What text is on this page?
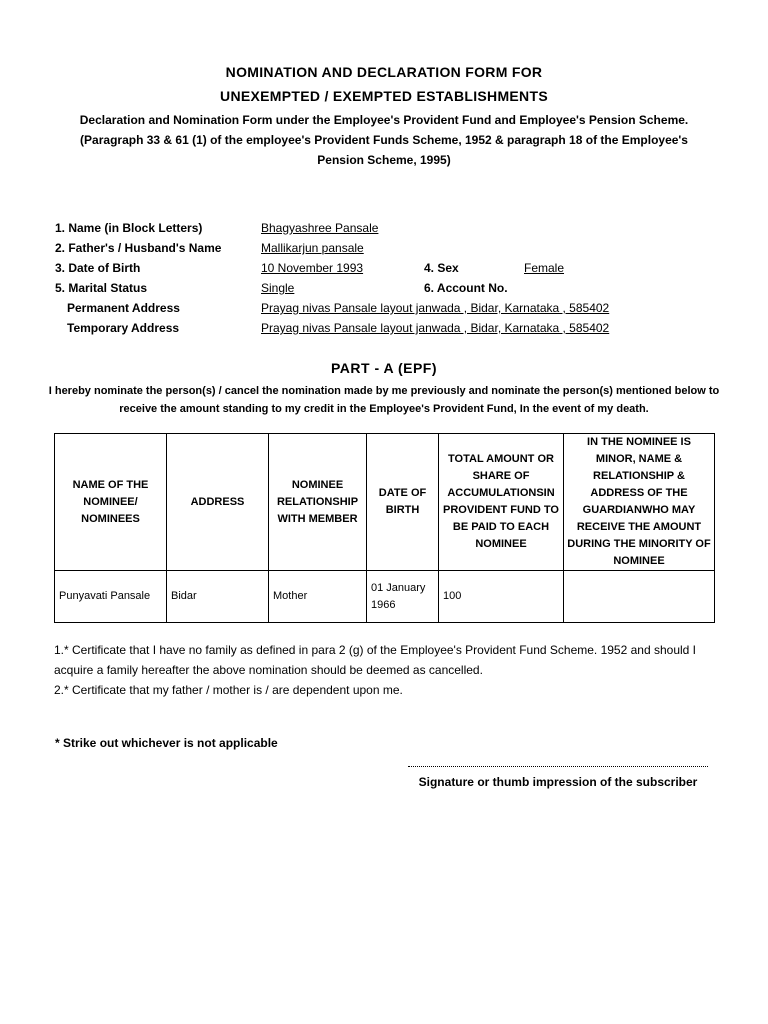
NOMINATION AND DECLARATION FORM FOR
UNEXEMPTED / EXEMPTED ESTABLISHMENTS
Declaration and Nomination Form under the Employee's Provident Fund and Employee's Pension Scheme.
(Paragraph 33 & 61 (1) of the employee's Provident Funds Scheme, 1952 & paragraph 18 of the Employee's Pension Scheme, 1995)
1. Name (in Block Letters)	Bhagyashree Pansale
2. Father's / Husband's Name	Mallikarjun pansale
3. Date of Birth	10 November 1993	4. Sex	Female
5. Marital Status	Single	6. Account No.
Permanent Address	Prayag nivas Pansale layout janwada , Bidar, Karnataka , 585402
Temporary Address	Prayag nivas Pansale layout janwada , Bidar, Karnataka , 585402
PART - A (EPF)
I hereby nominate the person(s) / cancel the nomination made by me previously and nominate the person(s) mentioned below to receive the amount standing to my credit in the Employee's Provident Fund, In the event of my death.
NAME OF THE NOMINEE/ NOMINEES	ADDRESS	NOMINEE RELATIONSHIP WITH MEMBER	DATE OF BIRTH	TOTAL AMOUNT OR SHARE OF ACCUMULATIONSIN PROVIDENT FUND TO BE PAID TO EACH NOMINEE	IN THE NOMINEE IS MINOR, NAME & RELATIONSHIP & ADDRESS OF THE GUARDIANWHO MAY RECEIVE THE AMOUNT DURING THE MINORITY OF NOMINEE
Punyavati Pansale	Bidar	Mother	01 January 1966	100	
1.* Certificate that I have no family as defined in para 2 (g) of the Employee's Provident Fund Scheme. 1952 and should I acquire a family hereafter the above nomination should be deemed as cancelled.
2.* Certificate that my father / mother is / are dependent upon me.
* Strike out whichever is not applicable
Signature or thumb impression of the subscriber
